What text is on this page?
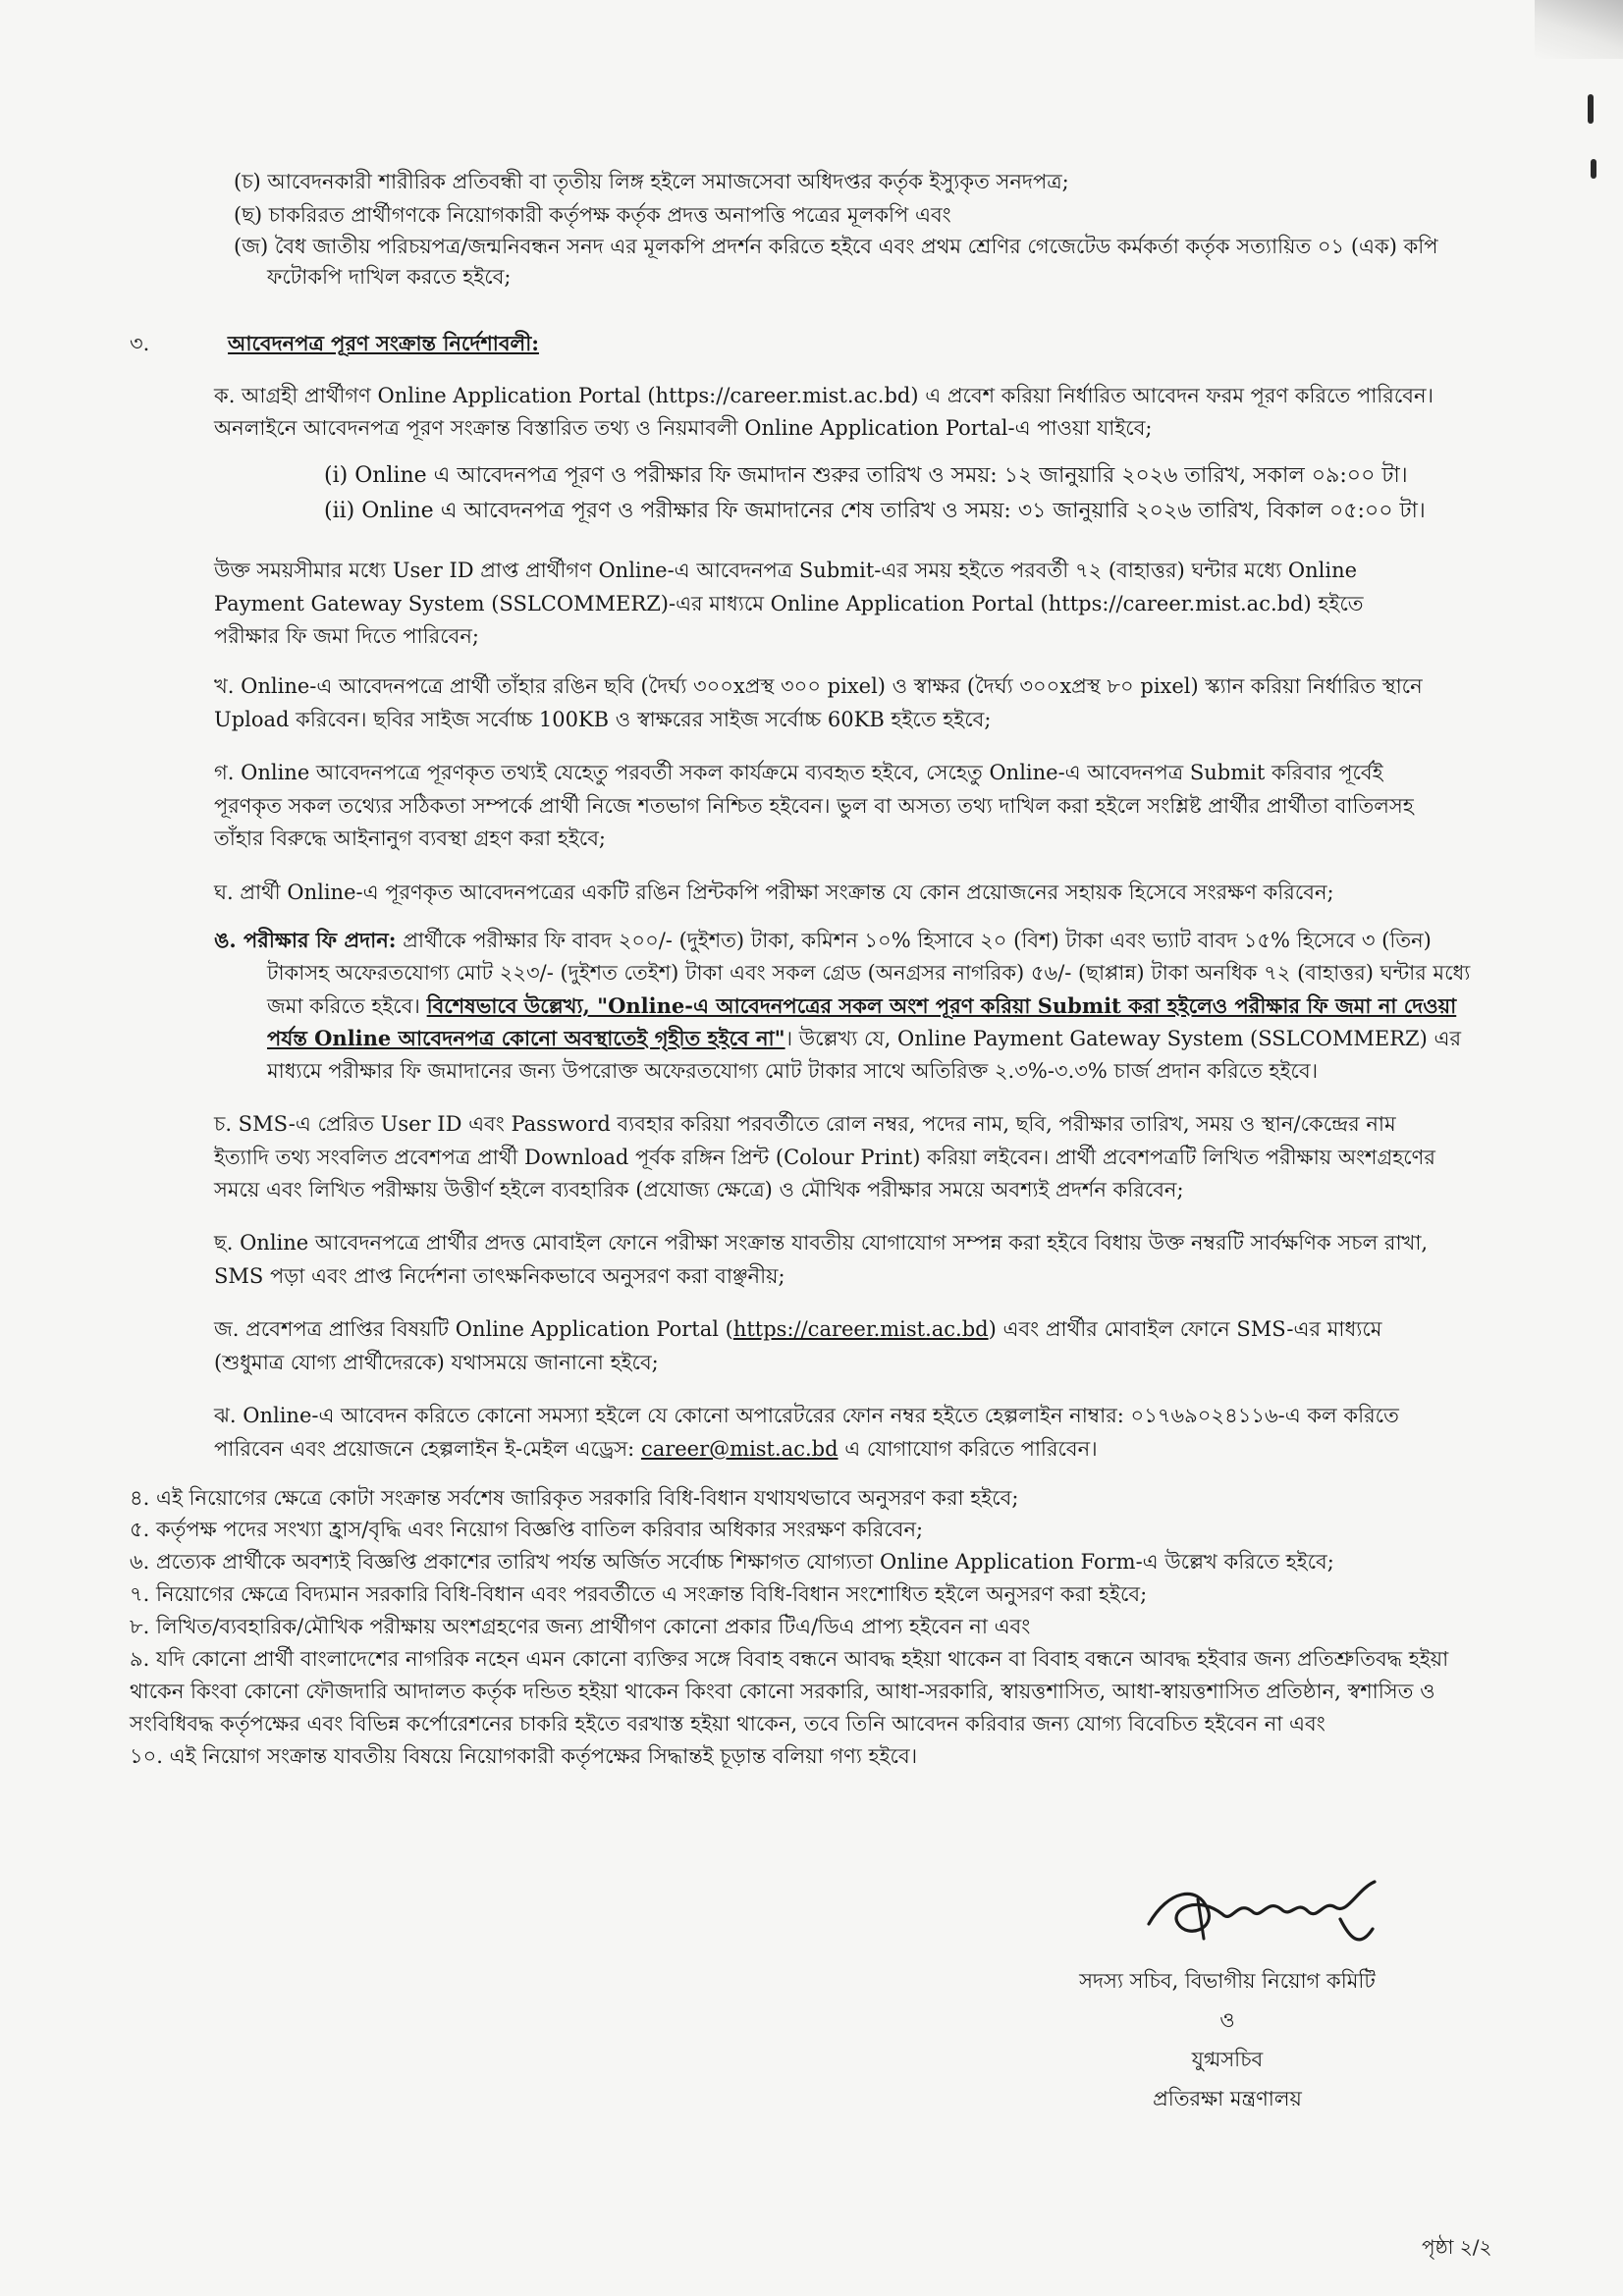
(চ) আবেদনকারী শারীরিক প্রতিবন্ধী বা তৃতীয় লিঙ্গ হইলে সমাজসেবা অধিদপ্তর কর্তৃক ইস্যুকৃত সনদপত্র;
(ছ) চাকরিরত প্রার্থীগণকে নিয়োগকারী কর্তৃপক্ষ কর্তৃক প্রদত্ত অনাপত্তি পত্রের মূলকপি এবং
(জ) বৈধ জাতীয় পরিচয়পত্র/জন্মনিবন্ধন সনদ এর মূলকপি প্রদর্শন করিতে হইবে এবং প্রথম শ্রেণির গেজেটেড কর্মকর্তা কর্তৃক সত্যায়িত ০১ (এক) কপি
ফটোকপি দাখিল করতে হইবে;
৩.	আবেদনপত্র পূরণ সংক্রান্ত নির্দেশাবলী:
ক. আগ্রহী প্রার্থীগণ Online Application Portal (https://career.mist.ac.bd) এ প্রবেশ করিয়া নির্ধারিত আবেদন ফরম পূরণ করিতে পারিবেন।
অনলাইনে আবেদনপত্র পূরণ সংক্রান্ত বিস্তারিত তথ্য ও নিয়মাবলী Online Application Portal-এ পাওয়া যাইবে;
(i) Online এ আবেদনপত্র পূরণ ও পরীক্ষার ফি জমাদান শুরুর তারিখ ও সময়: ১২ জানুয়ারি ২০২৬ তারিখ, সকাল ০৯:০০ টা।
(ii) Online এ আবেদনপত্র পূরণ ও পরীক্ষার ফি জমাদানের শেষ তারিখ ও সময়: ৩১ জানুয়ারি ২০২৬ তারিখ, বিকাল ০৫:০০ টা।
উক্ত সময়সীমার মধ্যে User ID প্রাপ্ত প্রার্থীগণ Online-এ আবেদনপত্র Submit-এর সময় হইতে পরবর্তী ৭২ (বাহাত্তর) ঘন্টার মধ্যে Online
Payment Gateway System (SSLCOMMERZ)-এর মাধ্যমে Online Application Portal (https://career.mist.ac.bd) হইতে
পরীক্ষার ফি জমা দিতে পারিবেন;
খ. Online-এ আবেদনপত্রে প্রার্থী তাঁহার রঙিন ছবি (দৈর্ঘ্য ৩০০xপ্রস্থ ৩০০ pixel) ও স্বাক্ষর (দৈর্ঘ্য ৩০০xপ্রস্থ ৮০ pixel) স্ক্যান করিয়া নির্ধারিত স্থানে
Upload করিবেন। ছবির সাইজ সর্বোচ্চ 100KB ও স্বাক্ষরের সাইজ সর্বোচ্চ 60KB হইতে হইবে;
গ. Online আবেদনপত্রে পূরণকৃত তথ্যই যেহেতু পরবর্তী সকল কার্যক্রমে ব্যবহৃত হইবে, সেহেতু Online-এ আবেদনপত্র Submit করিবার পূর্বেই
পূরণকৃত সকল তথ্যের সঠিকতা সম্পর্কে প্রার্থী নিজে শতভাগ নিশ্চিত হইবেন। ভুল বা অসত্য তথ্য দাখিল করা হইলে সংশ্লিষ্ট প্রার্থীর প্রার্থীতা বাতিলসহ
তাঁহার বিরুদ্ধে আইনানুগ ব্যবস্থা গ্রহণ করা হইবে;
ঘ. প্রার্থী Online-এ পূরণকৃত আবেদনপত্রের একটি রঙিন প্রিন্টকপি পরীক্ষা সংক্রান্ত যে কোন প্রয়োজনের সহায়ক হিসেবে সংরক্ষণ করিবেন;
ঙ. পরীক্ষার ফি প্রদান: প্রার্থীকে পরীক্ষার ফি বাবদ ২০০/- (দুইশত) টাকা, কমিশন ১০% হিসাবে ২০ (বিশ) টাকা এবং ভ্যাট বাবদ ১৫% হিসেবে ৩ (তিন)
টাকাসহ অফেরতযোগ্য মোট ২২৩/- (দুইশত তেইশ) টাকা এবং সকল গ্রেড (অনগ্রসর নাগরিক) ৫৬/- (ছাপ্পান্ন) টাকা অনধিক ৭২ (বাহাত্তর) ঘন্টার মধ্যে
জমা করিতে হইবে। বিশেষভাবে উল্লেখ্য, "Online-এ আবেদনপত্রের সকল অংশ পূরণ করিয়া Submit করা হইলেও পরীক্ষার ফি জমা না দেওয়া
পর্যন্ত Online আবেদনপত্র কোনো অবস্থাতেই গৃহীত হইবে না"। উল্লেখ্য যে, Online Payment Gateway System (SSLCOMMERZ) এর
মাধ্যমে পরীক্ষার ফি জমাদানের জন্য উপরোক্ত অফেরতযোগ্য মোট টাকার সাথে অতিরিক্ত ২.৩%-৩.৩% চার্জ প্রদান করিতে হইবে।
চ. SMS-এ প্রেরিত User ID এবং Password ব্যবহার করিয়া পরবর্তীতে রোল নম্বর, পদের নাম, ছবি, পরীক্ষার তারিখ, সময় ও স্থান/কেন্দ্রের নাম
ইত্যাদি তথ্য সংবলিত প্রবেশপত্র প্রার্থী Download পূর্বক রঙ্গিন প্রিন্ট (Colour Print) করিয়া লইবেন। প্রার্থী প্রবেশপত্রটি লিখিত পরীক্ষায় অংশগ্রহণের
সময়ে এবং লিখিত পরীক্ষায় উত্তীর্ণ হইলে ব্যবহারিক (প্রযোজ্য ক্ষেত্রে) ও মৌখিক পরীক্ষার সময়ে অবশ্যই প্রদর্শন করিবেন;
ছ. Online আবেদনপত্রে প্রার্থীর প্রদত্ত মোবাইল ফোনে পরীক্ষা সংক্রান্ত যাবতীয় যোগাযোগ সম্পন্ন করা হইবে বিধায় উক্ত নম্বরটি সার্বক্ষণিক সচল রাখা,
SMS পড়া এবং প্রাপ্ত নির্দেশনা তাৎক্ষনিকভাবে অনুসরণ করা বাঞ্ছনীয়;
জ. প্রবেশপত্র প্রাপ্তির বিষয়টি Online Application Portal (https://career.mist.ac.bd) এবং প্রার্থীর মোবাইল ফোনে SMS-এর মাধ্যমে
(শুধুমাত্র যোগ্য প্রার্থীদেরকে) যথাসময়ে জানানো হইবে;
ঝ. Online-এ আবেদন করিতে কোনো সমস্যা হইলে যে কোনো অপারেটরের ফোন নম্বর হইতে হেল্পলাইন নাম্বার: ০১৭৬৯০২৪১১৬-এ কল করিতে
পারিবেন এবং প্রয়োজনে হেল্পলাইন ই-মেইল এড্রেস: career@mist.ac.bd এ যোগাযোগ করিতে পারিবেন।
৪. এই নিয়োগের ক্ষেত্রে কোটা সংক্রান্ত সর্বশেষ জারিকৃত সরকারি বিধি-বিধান যথাযথভাবে অনুসরণ করা হইবে;
৫. কর্তৃপক্ষ পদের সংখ্যা হ্রাস/বৃদ্ধি এবং নিয়োগ বিজ্ঞপ্তি বাতিল করিবার অধিকার সংরক্ষণ করিবেন;
৬. প্রত্যেক প্রার্থীকে অবশ্যই বিজ্ঞপ্তি প্রকাশের তারিখ পর্যন্ত অর্জিত সর্বোচ্চ শিক্ষাগত যোগ্যতা Online Application Form-এ উল্লেখ করিতে হইবে;
৭. নিয়োগের ক্ষেত্রে বিদ্যমান সরকারি বিধি-বিধান এবং পরবর্তীতে এ সংক্রান্ত বিধি-বিধান সংশোধিত হইলে অনুসরণ করা হইবে;
৮. লিখিত/ব্যবহারিক/মৌখিক পরীক্ষায় অংশগ্রহণের জন্য প্রার্থীগণ কোনো প্রকার টিএ/ডিএ প্রাপ্য হইবেন না এবং
৯. যদি কোনো প্রার্থী বাংলাদেশের নাগরিক নহেন এমন কোনো ব্যক্তির সঙ্গে বিবাহ বন্ধনে আবদ্ধ হইয়া থাকেন বা বিবাহ বন্ধনে আবদ্ধ হইবার জন্য প্রতিশ্রুতিবদ্ধ হইয়া
থাকেন কিংবা কোনো ফৌজদারি আদালত কর্তৃক দন্ডিত হইয়া থাকেন কিংবা কোনো সরকারি, আধা-সরকারি, স্বায়ত্তশাসিত, আধা-স্বায়ত্তশাসিত প্রতিষ্ঠান, স্বশাসিত ও
সংবিধিবদ্ধ কর্তৃপক্ষের এবং বিভিন্ন কর্পোরেশনের চাকরি হইতে বরখাস্ত হইয়া থাকেন, তবে তিনি আবেদন করিবার জন্য যোগ্য বিবেচিত হইবেন না এবং
১০. এই নিয়োগ সংক্রান্ত যাবতীয় বিষয়ে নিয়োগকারী কর্তৃপক্ষের সিদ্ধান্তই চূড়ান্ত বলিয়া গণ্য হইবে।
সদস্য সচিব, বিভাগীয় নিয়োগ কমিটি
ও
যুগ্মসচিব
প্রতিরক্ষা মন্ত্রণালয়
পৃষ্ঠা ২/২
